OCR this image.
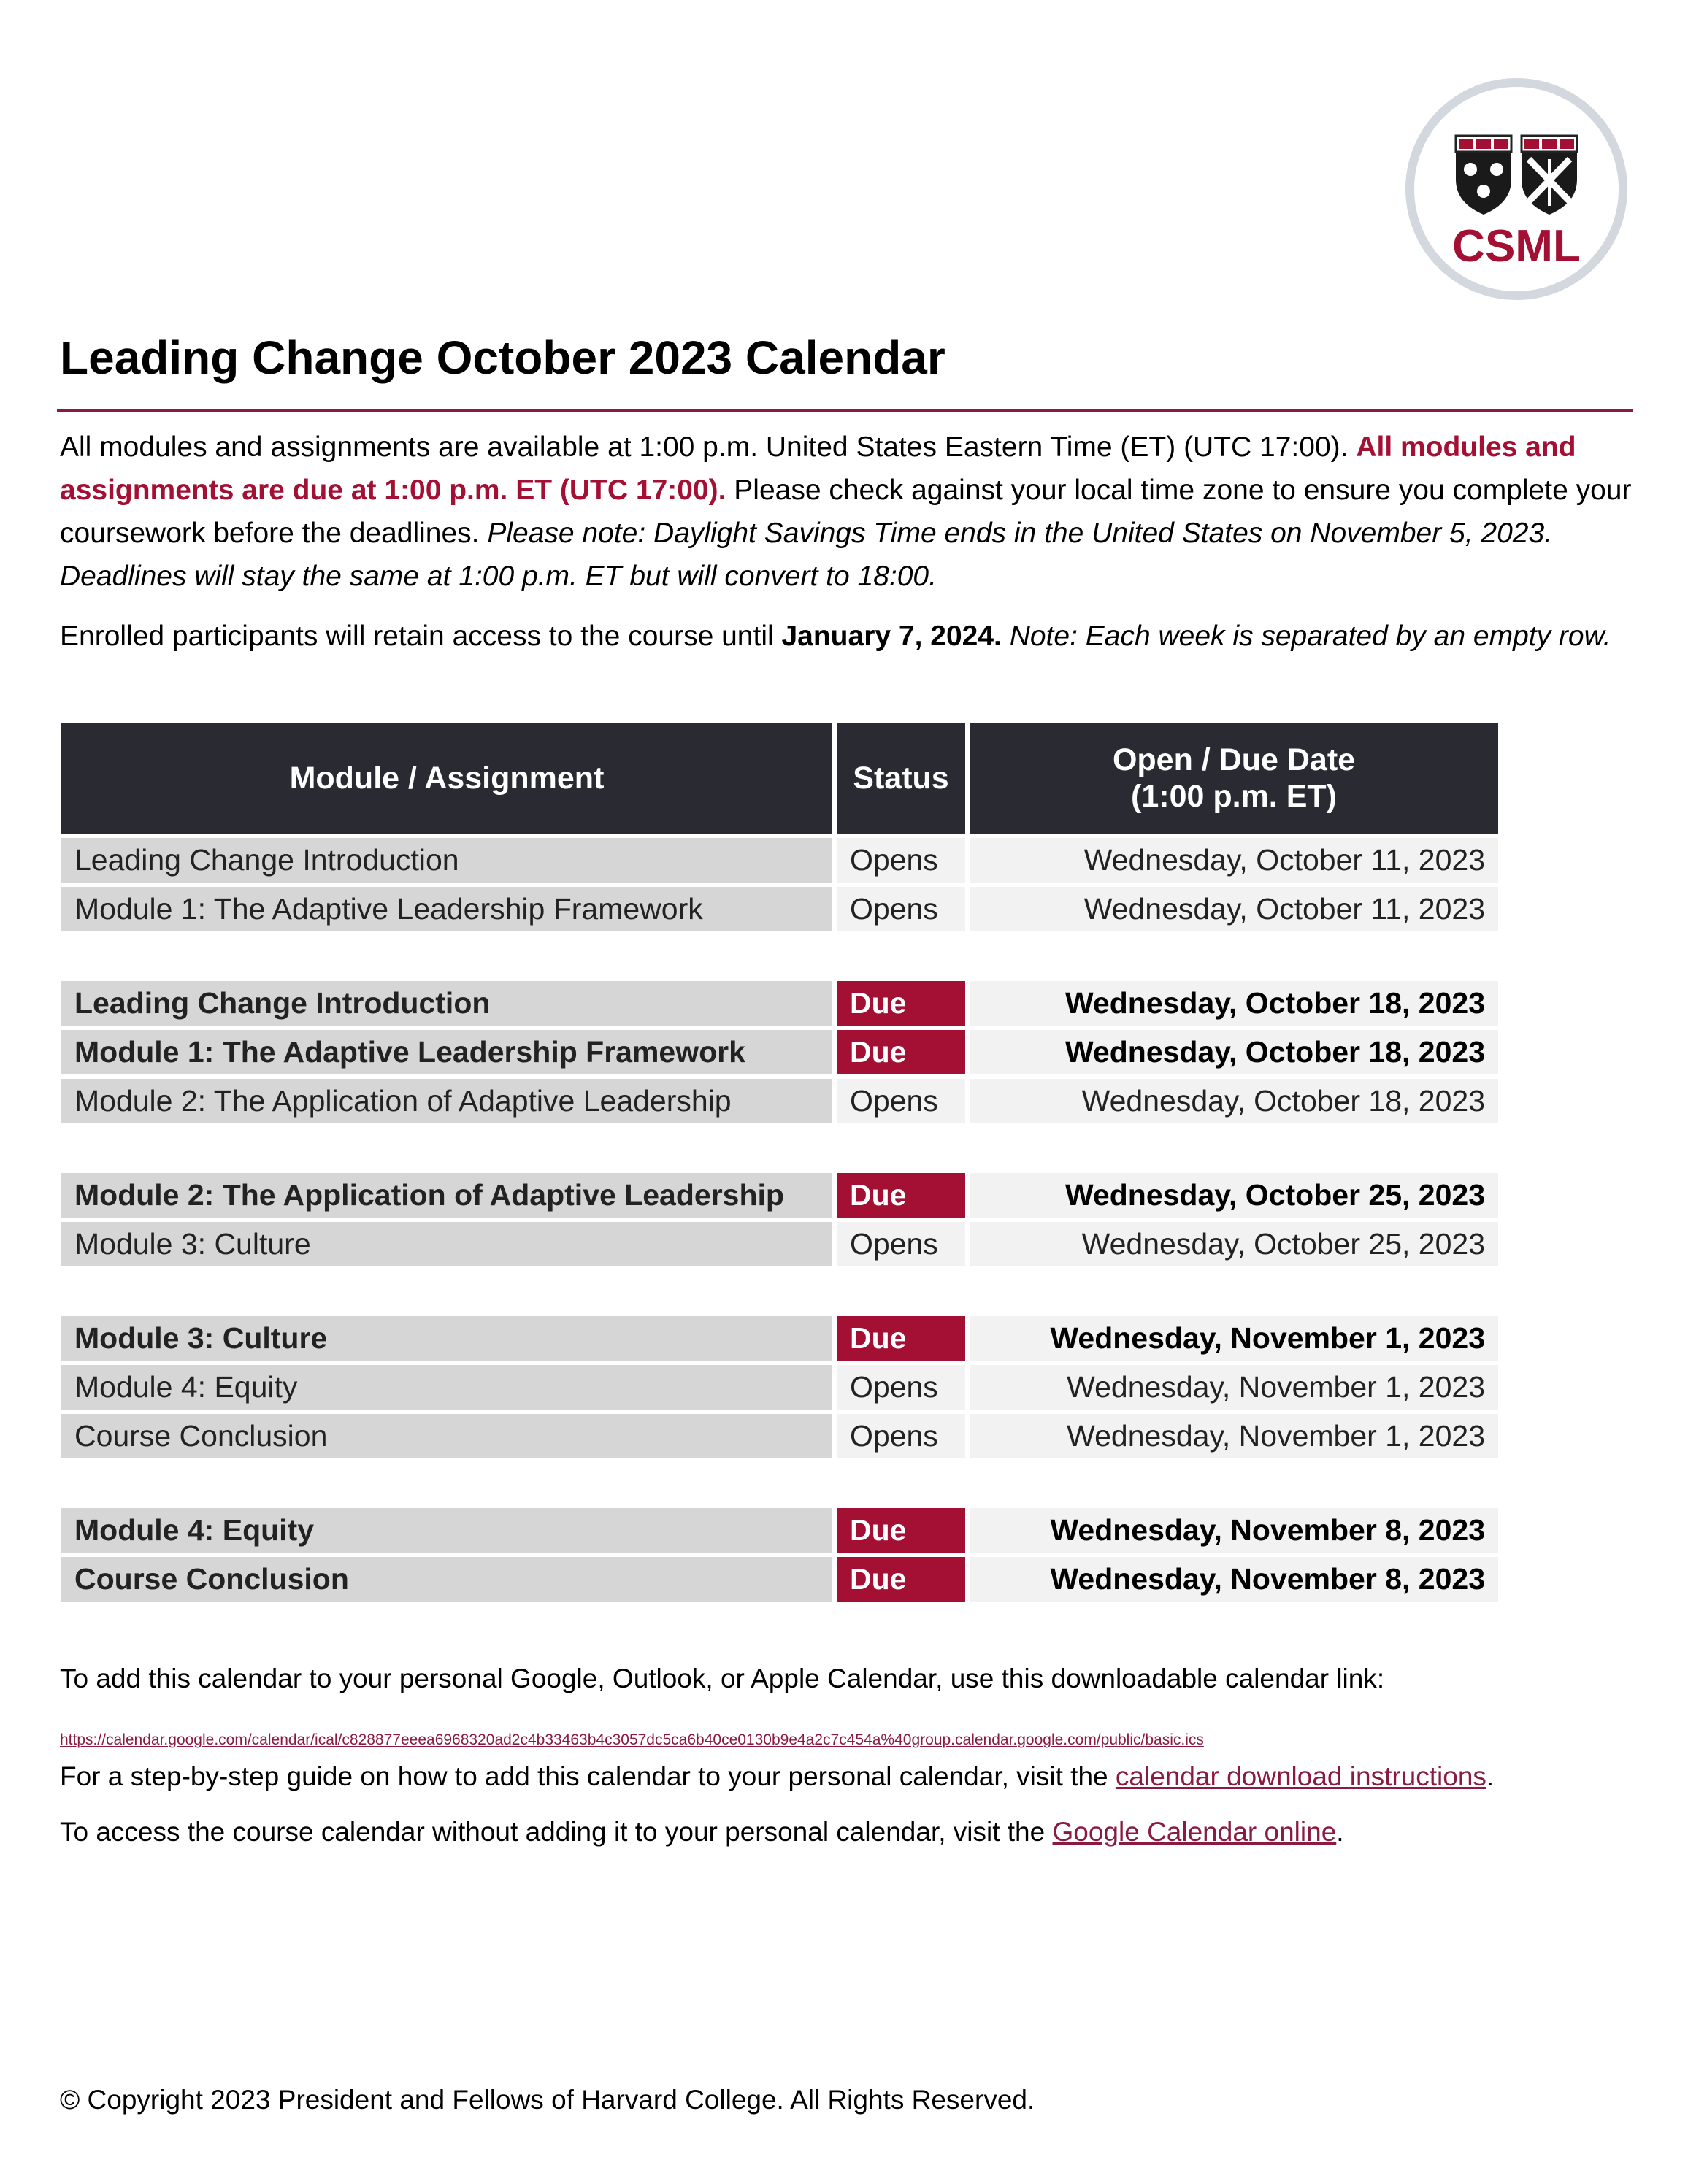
CSML
Leading Change October 2023 Calendar

All modules and assignments are available at 1:00 p.m. United States Eastern Time (ET) (UTC 17:00). All modules and assignments are due at 1:00 p.m. ET (UTC 17:00). Please check against your local time zone to ensure you complete your coursework before the deadlines. Please note: Daylight Savings Time ends in the United States on November 5, 2023. Deadlines will stay the same at 1:00 p.m. ET but will convert to 18:00.

Enrolled participants will retain access to the course until January 7, 2024. Note: Each week is separated by an empty row.

Module / Assignment	Status	Open / Due Date
(1:00 p.m. ET)
Leading Change Introduction	Opens	Wednesday, October 11, 2023
Module 1: The Adaptive Leadership Framework	Opens	Wednesday, October 11, 2023

Leading Change Introduction	Due	Wednesday, October 18, 2023
Module 1: The Adaptive Leadership Framework	Due	Wednesday, October 18, 2023
Module 2: The Application of Adaptive Leadership	Opens	Wednesday, October 18, 2023

Module 2: The Application of Adaptive Leadership	Due	Wednesday, October 25, 2023
Module 3: Culture	Opens	Wednesday, October 25, 2023

Module 3: Culture	Due	Wednesday, November 1, 2023
Module 4: Equity	Opens	Wednesday, November 1, 2023
Course Conclusion	Opens	Wednesday, November 1, 2023

Module 4: Equity	Due	Wednesday, November 8, 2023
Course Conclusion	Due	Wednesday, November 8, 2023

To add this calendar to your personal Google, Outlook, or Apple Calendar, use this downloadable calendar link:

https://calendar.google.com/calendar/ical/c828877eeea6968320ad2c4b33463b4c3057dc5ca6b40ce0130b9e4a2c7c454a%40group.calendar.google.com/public/basic.ics

For a step-by-step guide on how to add this calendar to your personal calendar, visit the calendar download instructions.

To access the course calendar without adding it to your personal calendar, visit the Google Calendar online.

© Copyright 2023 President and Fellows of Harvard College. All Rights Reserved.
